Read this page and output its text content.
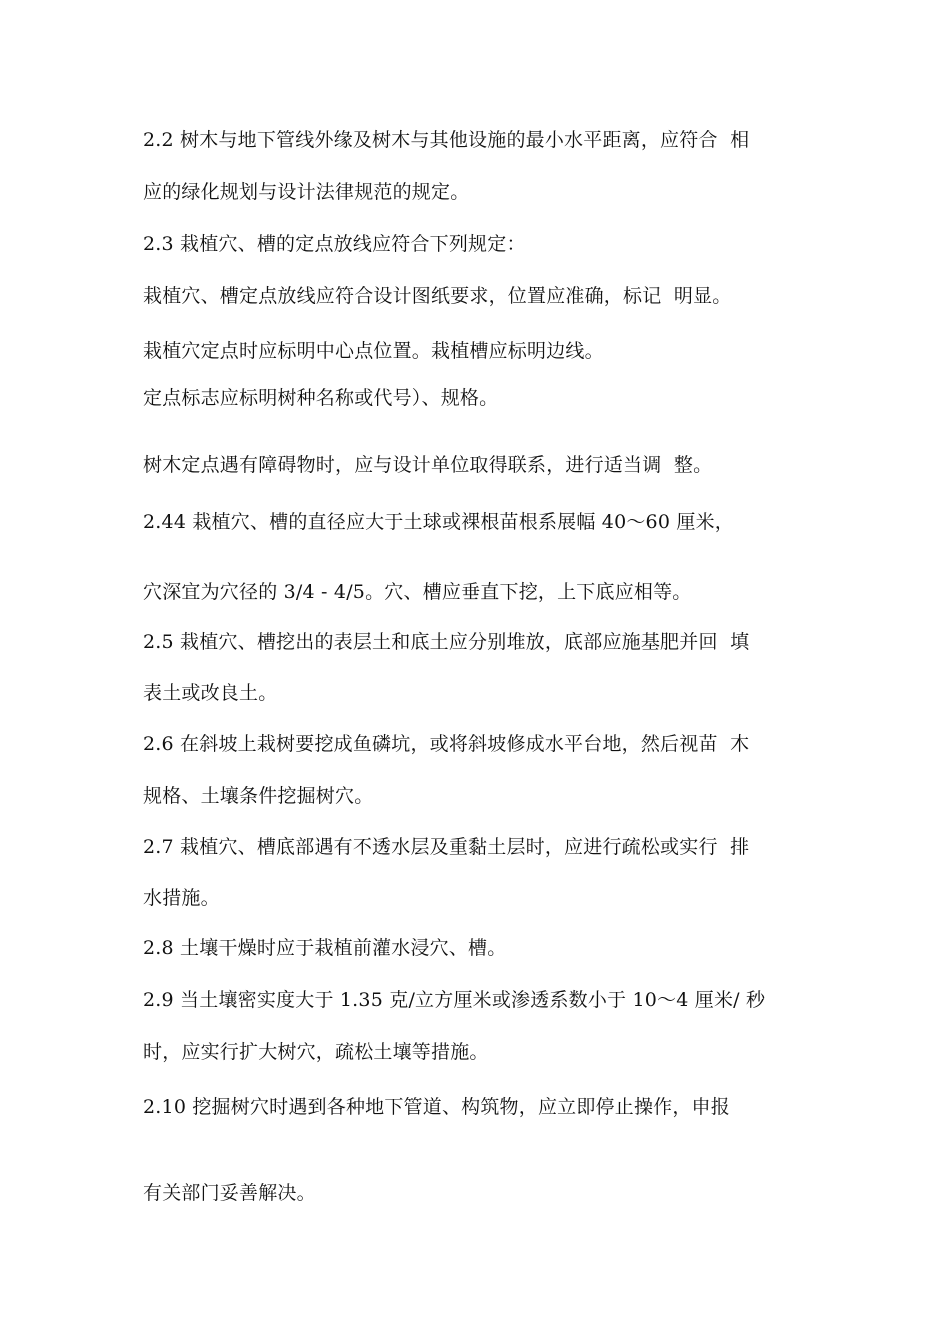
2.2 树木与地下管线外缘及树木与其他设施的最小水平距离，应符合  相
应的绿化规划与设计法律规范的规定。
2.3 栽植穴、槽的定点放线应符合下列规定：
栽植穴、槽定点放线应符合设计图纸要求，位置应准确，标记  明显。
栽植穴定点时应标明中心点位置。栽植槽应标明边线。
定点标志应标明树种名称或代号）、规格。
树木定点遇有障碍物时，应与设计单位取得联系，进行适当调  整。
2.44 栽植穴、槽的直径应大于土球或裸根苗根系展幅 40〜60 厘米，
穴深宜为穴径的 3/4 - 4/5。穴、槽应垂直下挖，上下底应相等。
2.5 栽植穴、槽挖出的表层土和底土应分别堆放，底部应施基肥并回  填
表土或改良土。
2.6 在斜坡上栽树要挖成鱼磷坑，或将斜坡修成水平台地，然后视苗  木
规格、土壤条件挖掘树穴。
2.7 栽植穴、槽底部遇有不透水层及重黏土层时，应进行疏松或实行  排
水措施。
2.8 土壤干燥时应于栽植前灌水浸穴、槽。
2.9 当土壤密实度大于 1.35 克/立方厘米或渗透系数小于 10〜4 厘米/ 秒
时，应实行扩大树穴，疏松土壤等措施。
2.10 挖掘树穴时遇到各种地下管道、构筑物，应立即停止操作，申报
有关部门妥善解决。
